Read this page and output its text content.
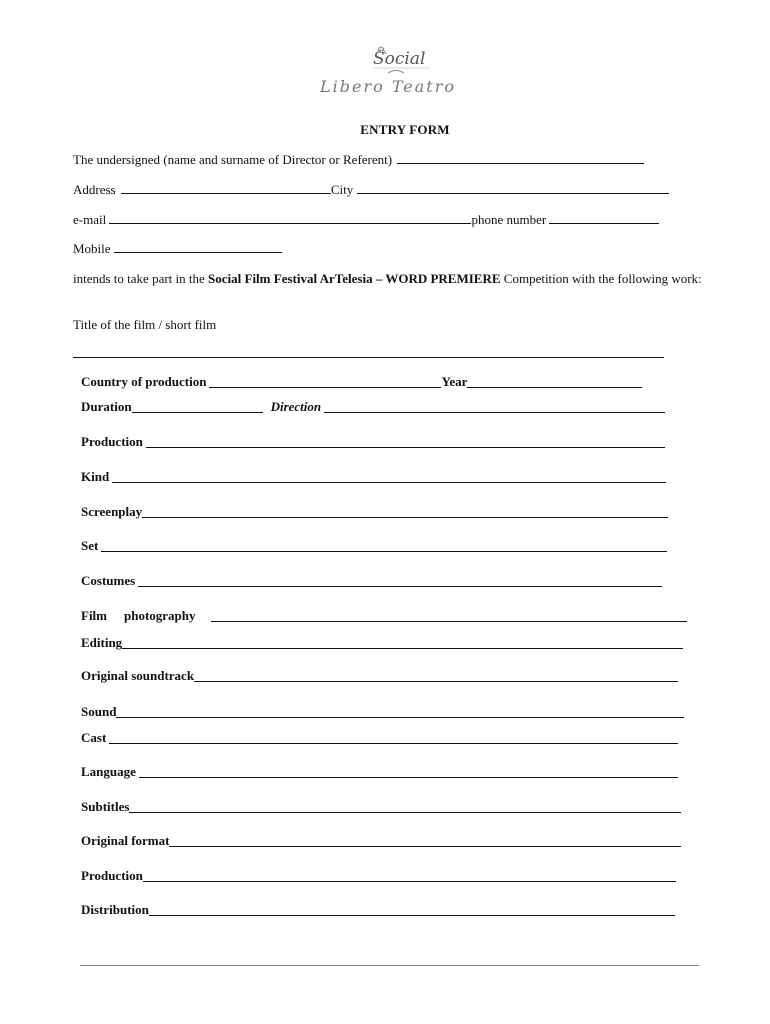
Social
Libero Teatro
ENTRY FORM
The undersigned (name and surname of Director or Referent)
Address	City
e-mail	phone number
Mobile
intends to take part in the Social Film Festival ArTelesia – WORD PREMIERE Competition with the following work:
Title of the film / short film
Country of production	Year
Duration	Direction
Production
Kind
Screenplay
Set
Costumes
Film photography
Editing
Original soundtrack
Sound
Cast
Language
Subtitles
Original format
Production
Distribution
